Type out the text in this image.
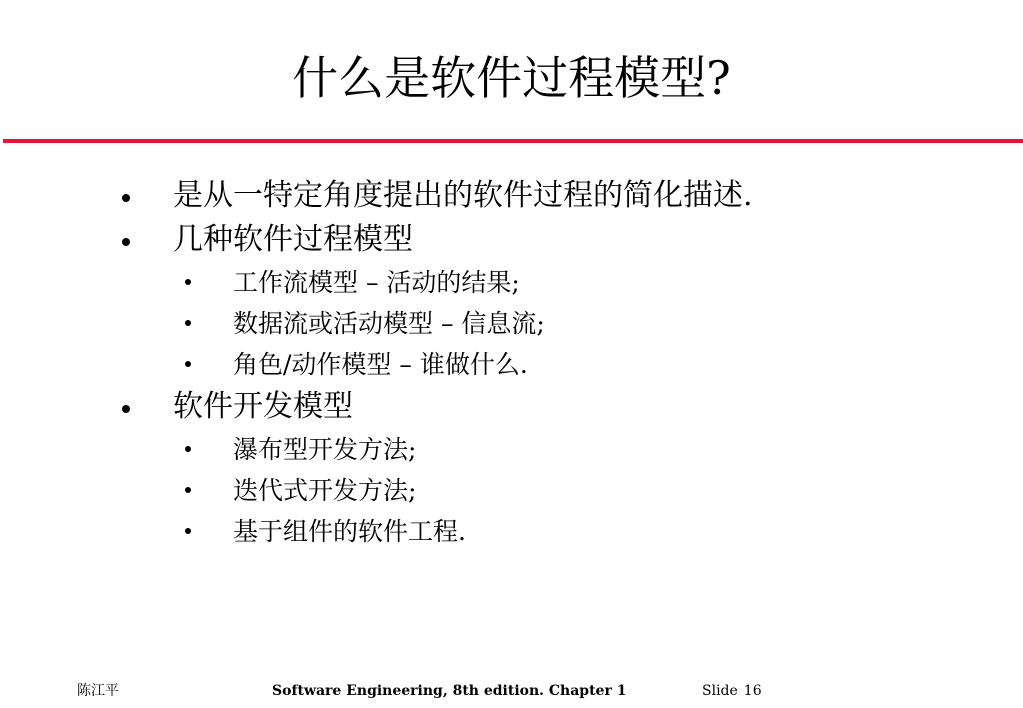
什么是软件过程模型?
是从一特定角度提出的软件过程的简化描述.
几种软件过程模型
工作流模型 – 活动的结果;
数据流或活动模型 – 信息流;
角色/动作模型 – 谁做什么.
软件开发模型
瀑布型开发方法;
迭代式开发方法;
基于组件的软件工程.
陈江平	Software Engineering, 8th edition. Chapter 1	Slide 16
